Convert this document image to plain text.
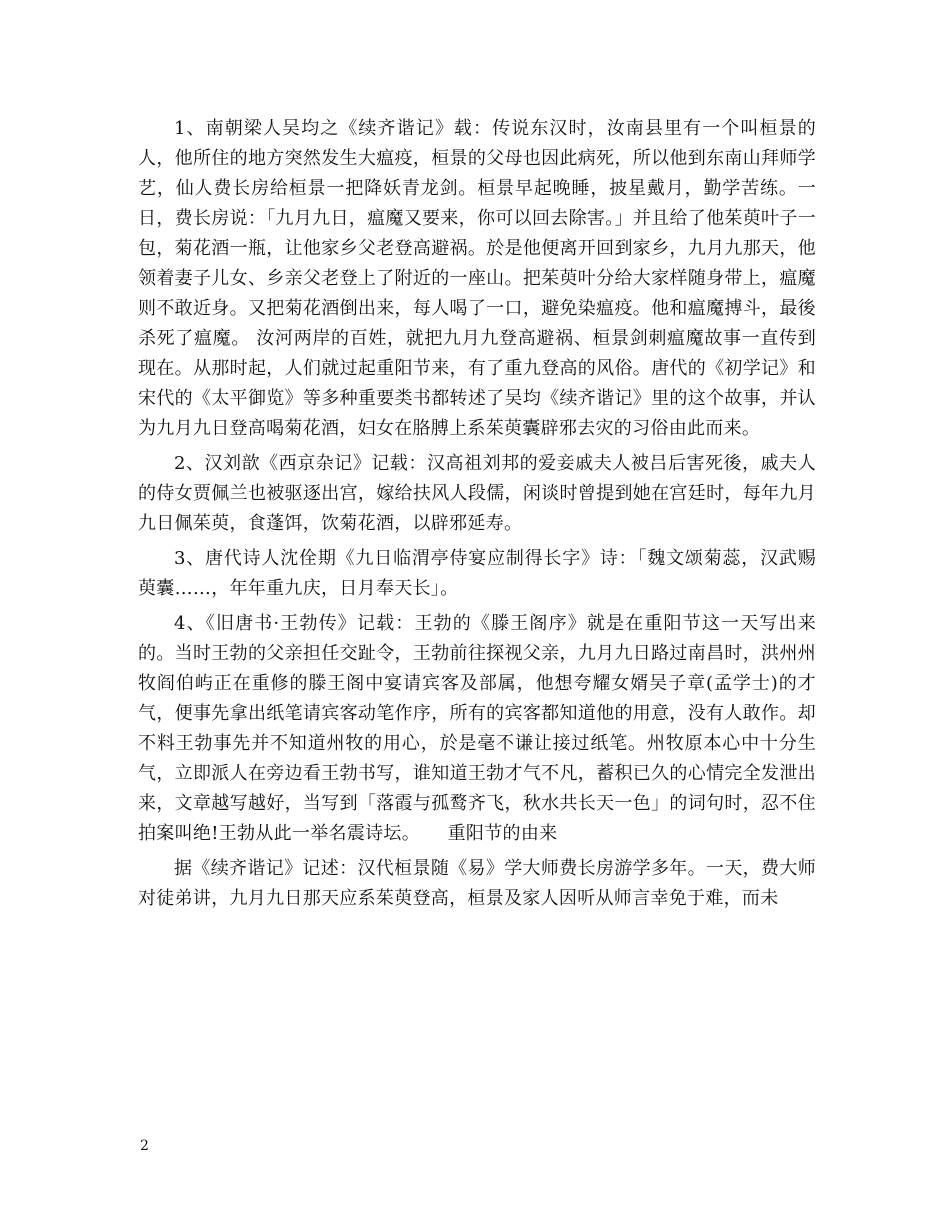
1、南朝梁人吴均之《续齐谐记》载：传说东汉时，汝南县里有一个叫桓景的人，他所住的地方突然发生大瘟疫，桓景的父母也因此病死，所以他到东南山拜师学艺，仙人费长房给桓景一把降妖青龙剑。桓景早起晚睡，披星戴月，勤学苦练。一日，费长房说：「九月九日，瘟魔又要来，你可以回去除害。」并且给了他茱萸叶子一包，菊花酒一瓶，让他家乡父老登高避祸。於是他便离开回到家乡，九月九那天，他领着妻子儿女、乡亲父老登上了附近的一座山。把茱萸叶分给大家样随身带上，瘟魔则不敢近身。又把菊花酒倒出来，每人喝了一口，避免染瘟疫。他和瘟魔搏斗，最後杀死了瘟魔。 汝河两岸的百姓，就把九月九登高避祸、桓景剑刺瘟魔故事一直传到现在。从那时起，人们就过起重阳节来，有了重九登高的风俗。唐代的《初学记》和宋代的《太平御览》等多种重要类书都转述了吴均《续齐谐记》里的这个故事，并认为九月九日登高喝菊花酒，妇女在胳膊上系茱萸囊辟邪去灾的习俗由此而来。

2、汉刘歆《西京杂记》记载：汉高祖刘邦的爱妾戚夫人被吕后害死後，戚夫人的侍女贾佩兰也被驱逐出宫，嫁给扶风人段儒，闲谈时曾提到她在宫廷时，每年九月九日佩茱萸，食蓬饵，饮菊花酒，以辟邪延寿。

3、唐代诗人沈佺期《九日临渭亭侍宴应制得长字》诗：「魏文颂菊蕊，汉武赐萸囊……，年年重九庆，日月奉天长」。

4、《旧唐书·王勃传》记载：王勃的《滕王阁序》就是在重阳节这一天写出来的。当时王勃的父亲担任交趾令，王勃前往探视父亲，九月九日路过南昌时，洪州州牧阎伯屿正在重修的滕王阁中宴请宾客及部属，他想夸耀女婿吴子章(孟学士)的才气，便事先拿出纸笔请宾客动笔作序，所有的宾客都知道他的用意，没有人敢作。却不料王勃事先并不知道州牧的用心，於是毫不谦让接过纸笔。州牧原本心中十分生气，立即派人在旁边看王勃书写，谁知道王勃才气不凡，蓄积已久的心情完全发泄出来，文章越写越好，当写到「落霞与孤鹜齐飞，秋水共长天一色」的词句时，忍不住拍案叫绝!王勃从此一举名震诗坛。　　重阳节的由来

据《续齐谐记》记述：汉代桓景随《易》学大师费长房游学多年。一天，费大师对徒弟讲，九月九日那天应系茱萸登高，桓景及家人因听从师言幸免于难，而未

2
